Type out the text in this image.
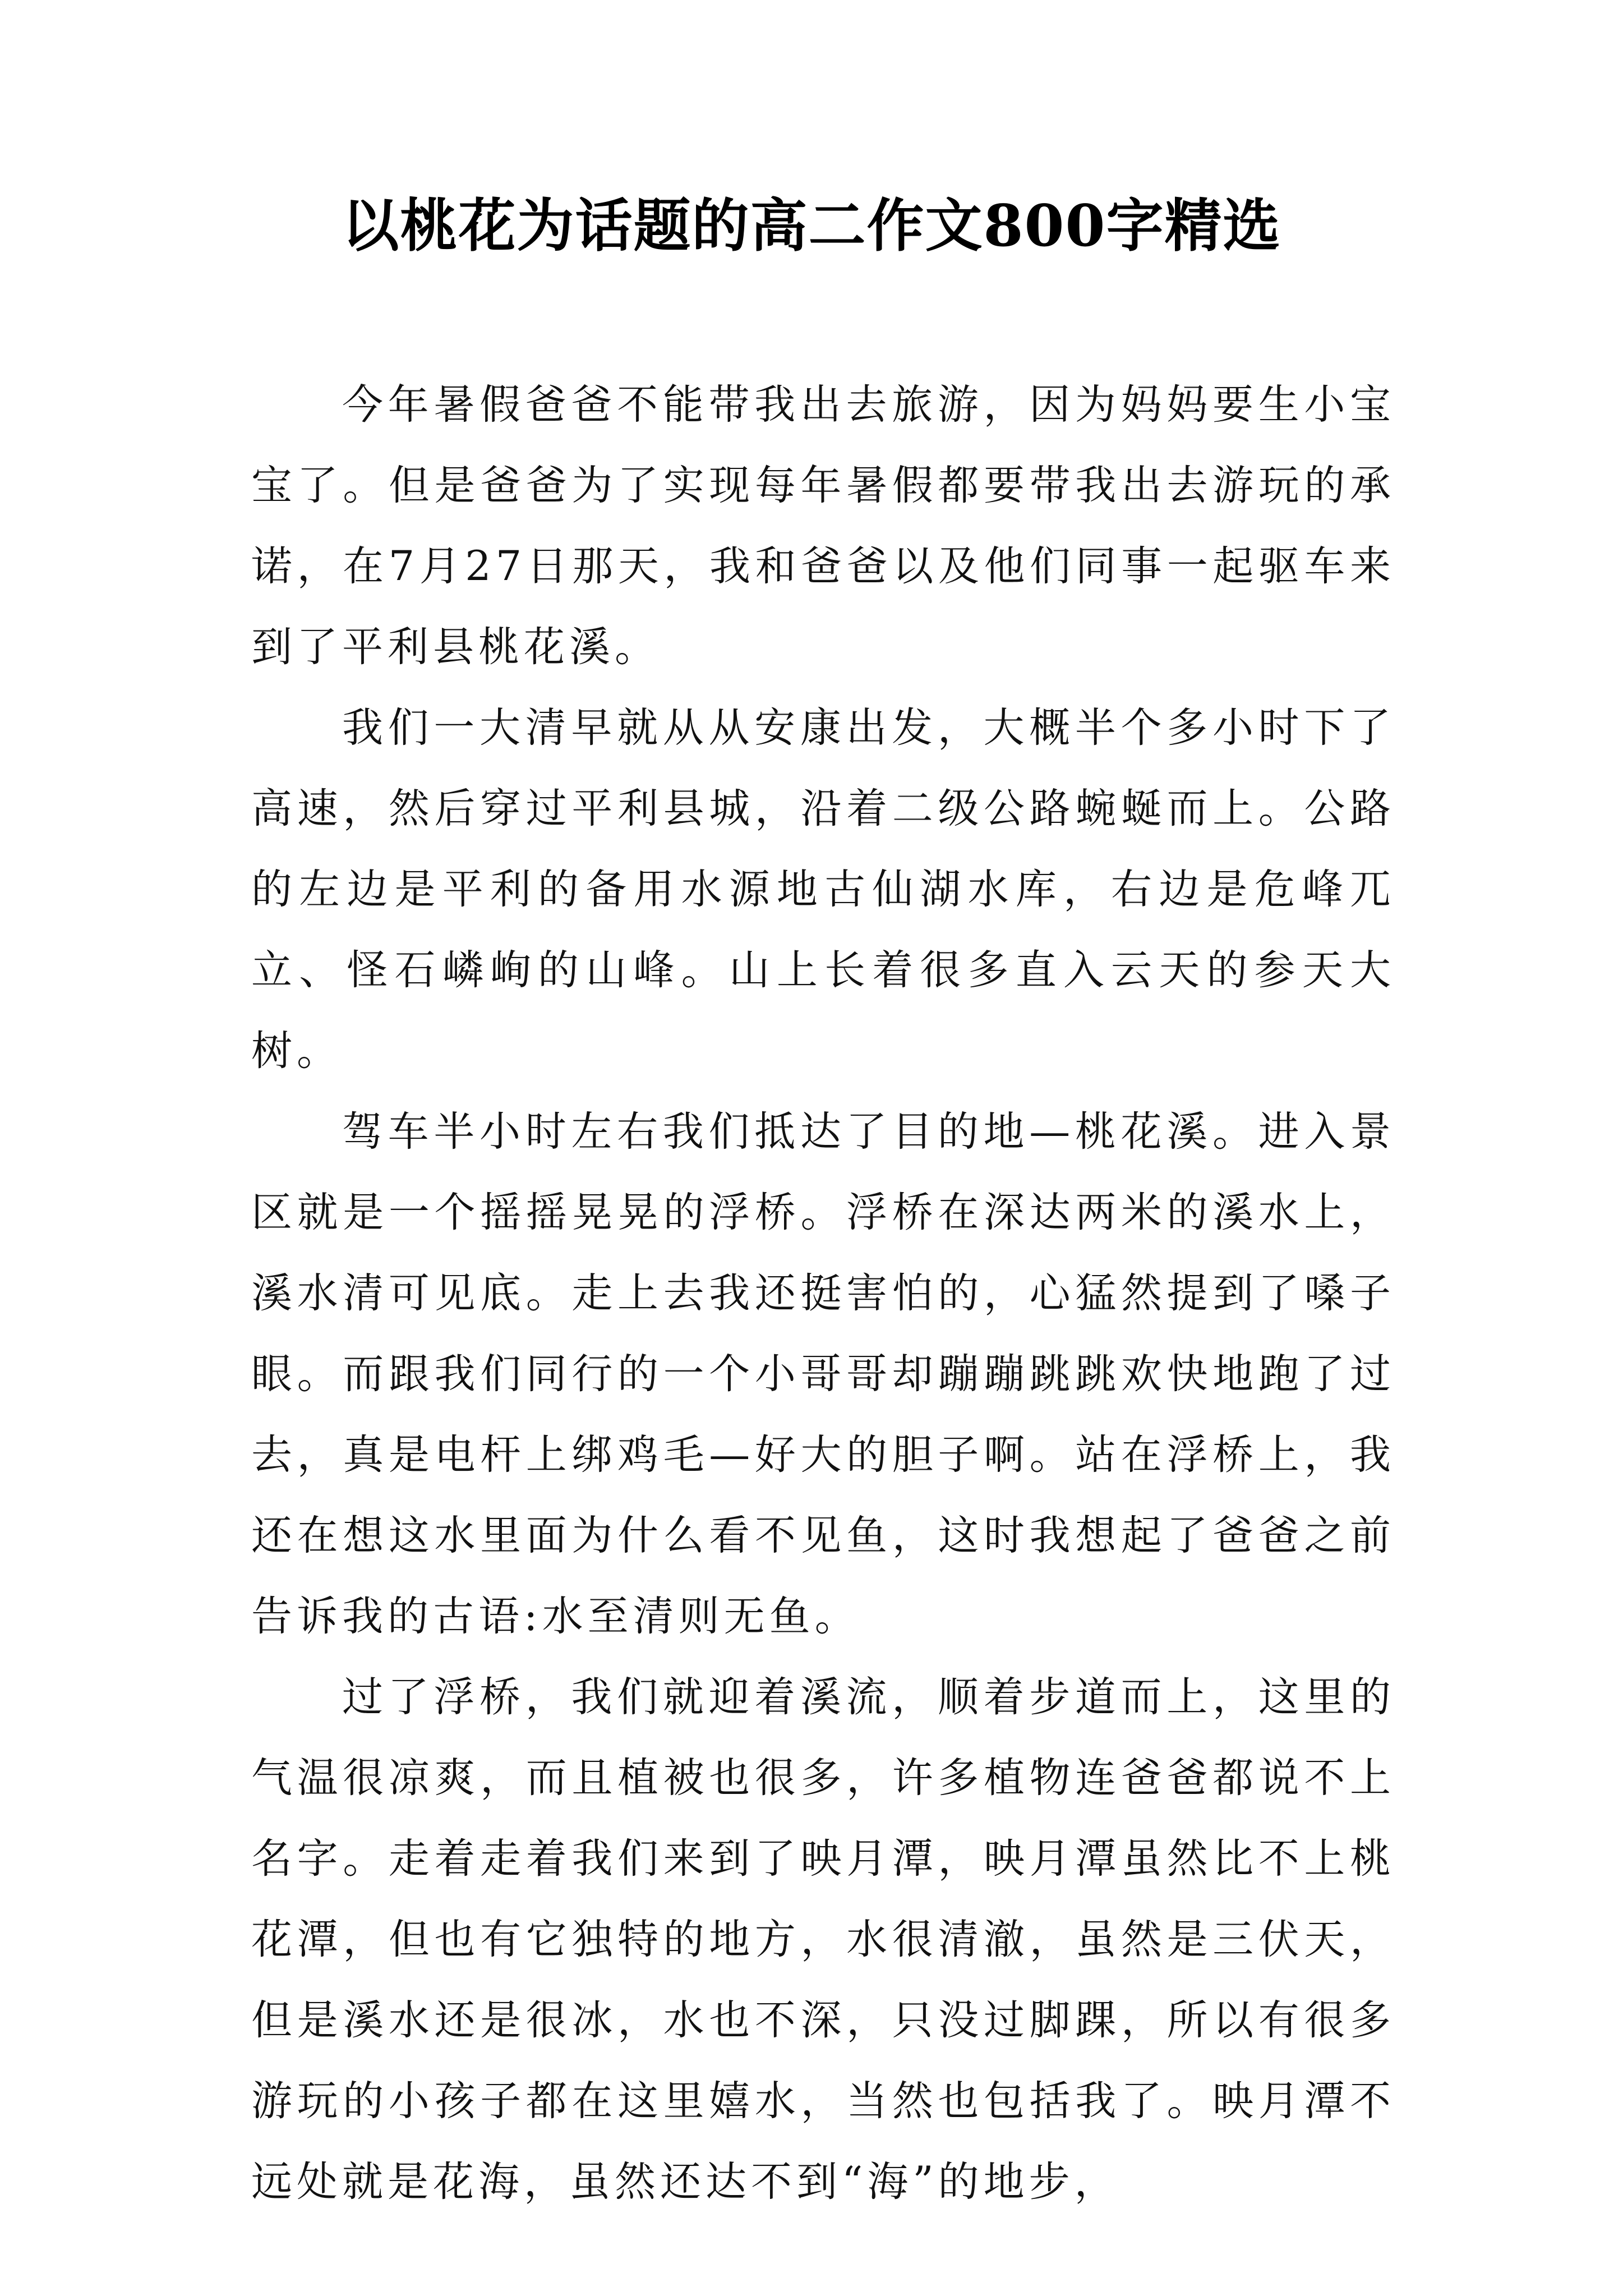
以桃花为话题的高二作文800字精选

今年暑假爸爸不能带我出去旅游，因为妈妈要生小宝宝了。但是爸爸为了实现每年暑假都要带我出去游玩的承诺，在7月27日那天，我和爸爸以及他们同事一起驱车来到了平利县桃花溪。

我们一大清早就从从安康出发，大概半个多小时下了高速，然后穿过平利县城，沿着二级公路蜿蜒而上。公路的左边是平利的备用水源地古仙湖水库，右边是危峰兀立、怪石嶙峋的山峰。山上长着很多直入云天的参天大树。

驾车半小时左右我们抵达了目的地—桃花溪。进入景区就是一个摇摇晃晃的浮桥。浮桥在深达两米的溪水上，溪水清可见底。走上去我还挺害怕的，心猛然提到了嗓子眼。而跟我们同行的一个小哥哥却蹦蹦跳跳欢快地跑了过去，真是电杆上绑鸡毛—好大的胆子啊。站在浮桥上，我还在想这水里面为什么看不见鱼，这时我想起了爸爸之前告诉我的古语:水至清则无鱼。

过了浮桥，我们就迎着溪流，顺着步道而上，这里的气温很凉爽，而且植被也很多，许多植物连爸爸都说不上名字。走着走着我们来到了映月潭，映月潭虽然比不上桃花潭，但也有它独特的地方，水很清澈，虽然是三伏天，但是溪水还是很冰，水也不深，只没过脚踝，所以有很多游玩的小孩子都在这里嬉水，当然也包括我了。映月潭不远处就是花海，虽然还达不到“海”的地步，
